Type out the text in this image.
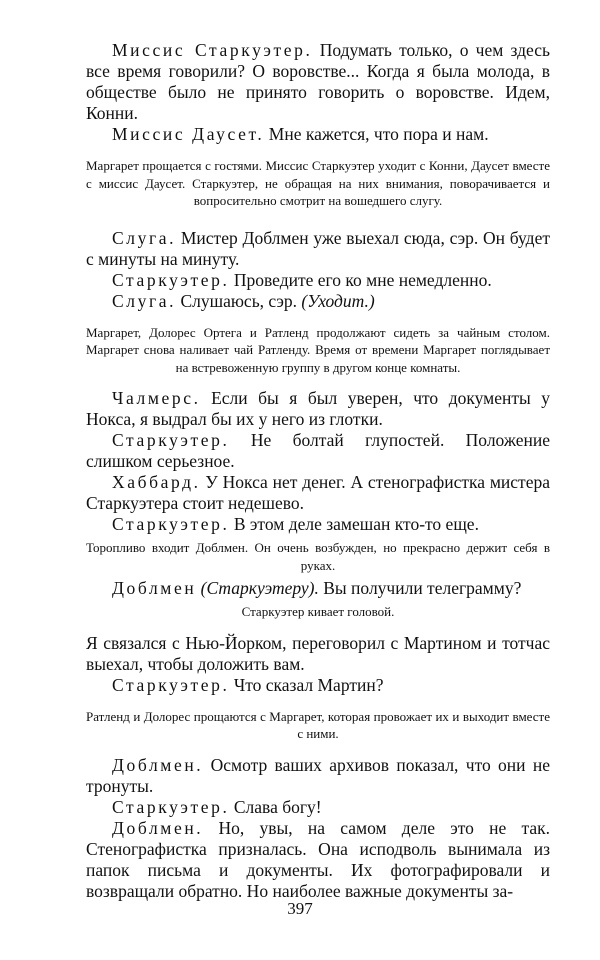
Миссис Старкуэтер. Подумать только, о чем здесь все время говорили? О воровстве... Когда я была молода, в обществе было не принято говорить о воровстве. Идем, Конни.

Миссис Даусет. Мне кажется, что пора и нам.

Маргарет прощается с гостями. Миссис Старкуэтер уходит с Конни, Даусет вместе с миссис Даусет. Старкуэтер, не обращая на них внимания, поворачивается и вопросительно смотрит на вошедшего слугу.

Слуга. Мистер Доблмен уже выехал сюда, сэр. Он будет с минуты на минуту.

Старкуэтер. Проведите его ко мне немедленно.

Слуга. Слушаюсь, сэр. (Уходит.)

Маргарет, Долорес Ортега и Ратленд продолжают сидеть за чайным столом. Маргарет снова наливает чай Ратленду. Время от времени Маргарет поглядывает на встревоженную группу в другом конце комнаты.

Чалмерс. Если бы я был уверен, что документы у Нокса, я выдрал бы их у него из глотки.

Старкуэтер. Не болтай глупостей. Положение слишком серьезное.

Хаббард. У Нокса нет денег. А стенографистка мистера Старкуэтера стоит недешево.

Старкуэтер. В этом деле замешан кто-то еще.

Торопливо входит Доблмен. Он очень возбужден, но прекрасно держит себя в руках.

Доблмен (Старкуэтеру). Вы получили телеграмму?

Старкуэтер кивает головой.

Я связался с Нью-Йорком, переговорил с Мартином и тотчас выехал, чтобы доложить вам.

Старкуэтер. Что сказал Мартин?

Ратленд и Долорес прощаются с Маргарет, которая провожает их и выходит вместе с ними.

Доблмен. Осмотр ваших архивов показал, что они не тронуты.

Старкуэтер. Слава богу!

Доблмен. Но, увы, на самом деле это не так. Стенографистка призналась. Она исподволь вынимала из папок письма и документы. Их фотографировали и возвращали обратно. Но наиболее важные документы за-

397
